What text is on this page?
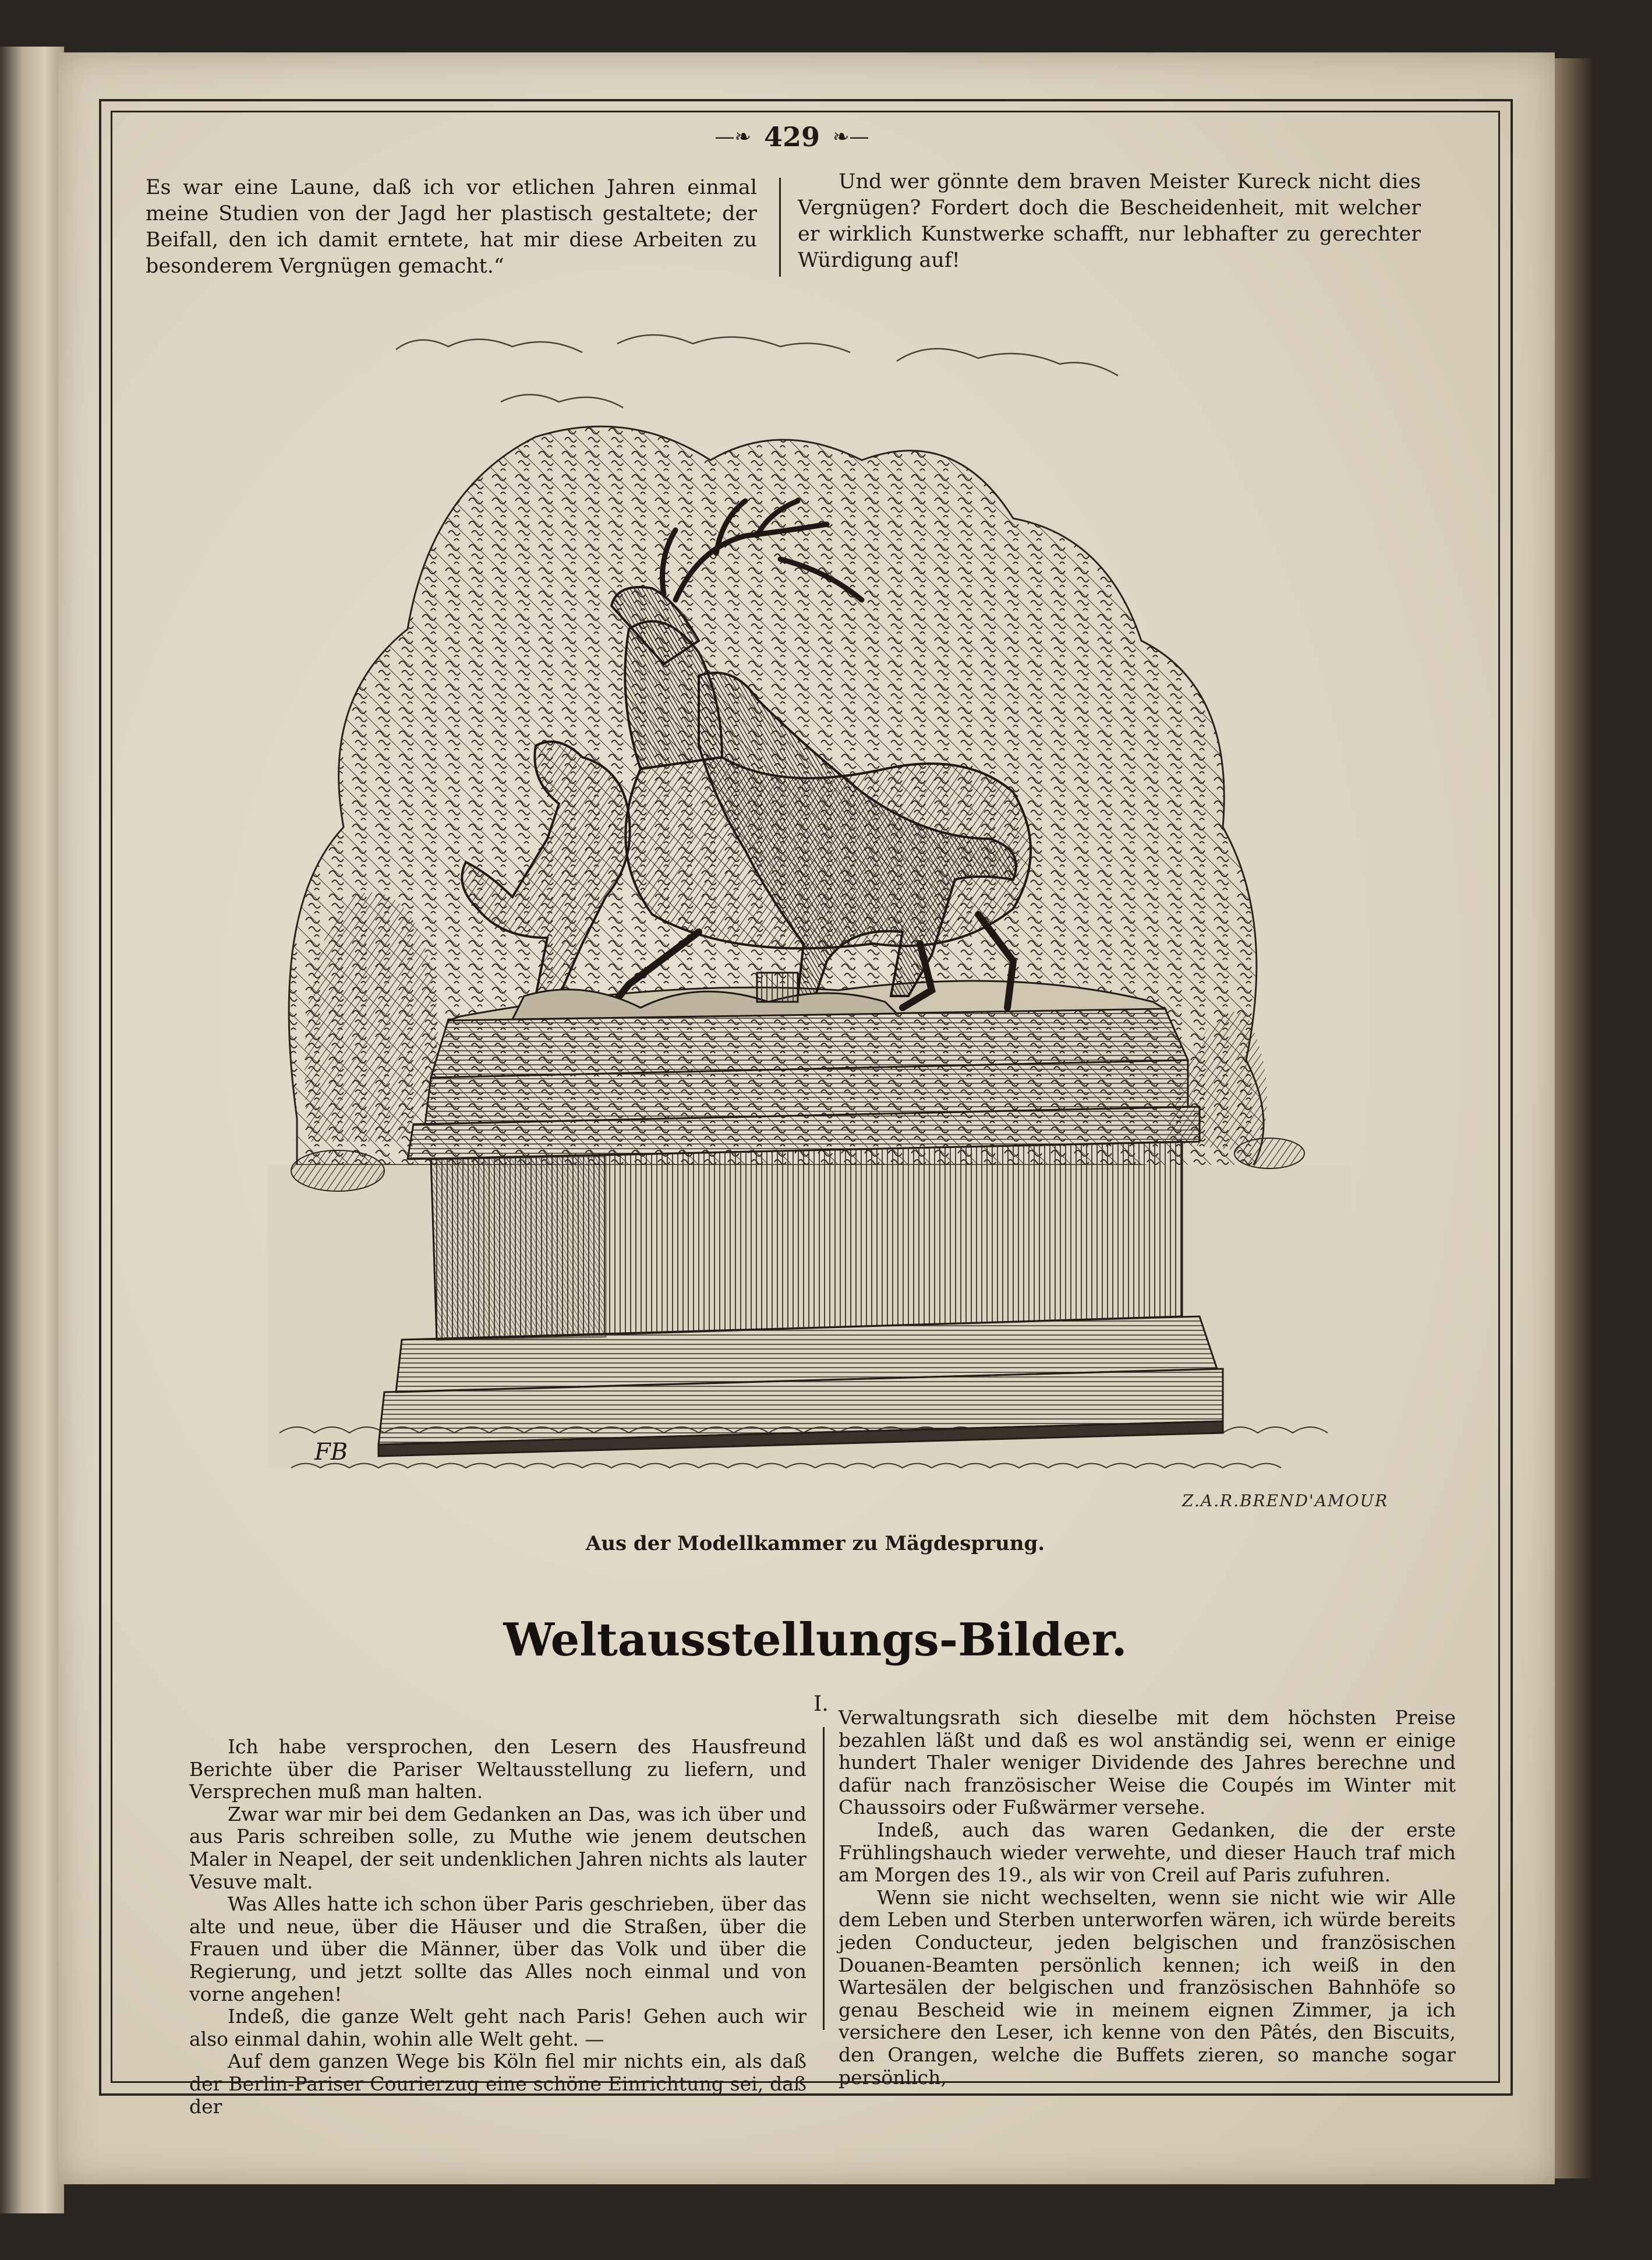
—❧ 429 ❧—

Es war eine Laune, daß ich vor etlichen Jahren einmal meine Studien von der Jagd her plastisch gestaltete; der Beifall, den ich damit erntete, hat mir diese Arbeiten zu besonderem Vergnügen gemacht.“

Und wer gönnte dem braven Meister Kureck nicht dies Vergnügen? Fordert doch die Bescheidenheit, mit welcher er wirklich Kunstwerke schafft, nur lebhafter zu gerechter Würdigung auf!

FB
Z.A.R.BREND'AMOUR
Aus der Modellkammer zu Mägdesprung.
Weltausstellungs-Bilder.
I.

Ich habe versprochen, den Lesern des Hausfreund Berichte über die Pariser Weltausstellung zu liefern, und Versprechen muß man halten.

Zwar war mir bei dem Gedanken an Das, was ich über und aus Paris schreiben solle, zu Muthe wie jenem deutschen Maler in Neapel, der seit undenklichen Jahren nichts als lauter Vesuve malt.

Was Alles hatte ich schon über Paris geschrieben, über das alte und neue, über die Häuser und die Straßen, über die Frauen und über die Männer, über das Volk und über die Regierung, und jetzt sollte das Alles noch einmal und von vorne angehen!

Indeß, die ganze Welt geht nach Paris! Gehen auch wir also einmal dahin, wohin alle Welt geht. —

Auf dem ganzen Wege bis Köln fiel mir nichts ein, als daß der Berlin-Pariser Courierzug eine schöne Einrichtung sei, daß der

Verwaltungsrath sich dieselbe mit dem höchsten Preise bezahlen läßt und daß es wol anständig sei, wenn er einige hundert Thaler weniger Dividende des Jahres berechne und dafür nach französischer Weise die Coupés im Winter mit Chaussoirs oder Fußwärmer versehe.

Indeß, auch das waren Gedanken, die der erste Frühlingshauch wieder verwehte, und dieser Hauch traf mich am Morgen des 19., als wir von Creil auf Paris zufuhren.

Wenn sie nicht wechselten, wenn sie nicht wie wir Alle dem Leben und Sterben unterworfen wären, ich würde bereits jeden Conducteur, jeden belgischen und französischen Douanen-Beamten persönlich kennen; ich weiß in den Wartesälen der belgischen und französischen Bahnhöfe so genau Bescheid wie in meinem eignen Zimmer, ja ich versichere den Leser, ich kenne von den Pâtés, den Biscuits, den Orangen, welche die Buffets zieren, so manche sogar persönlich,
